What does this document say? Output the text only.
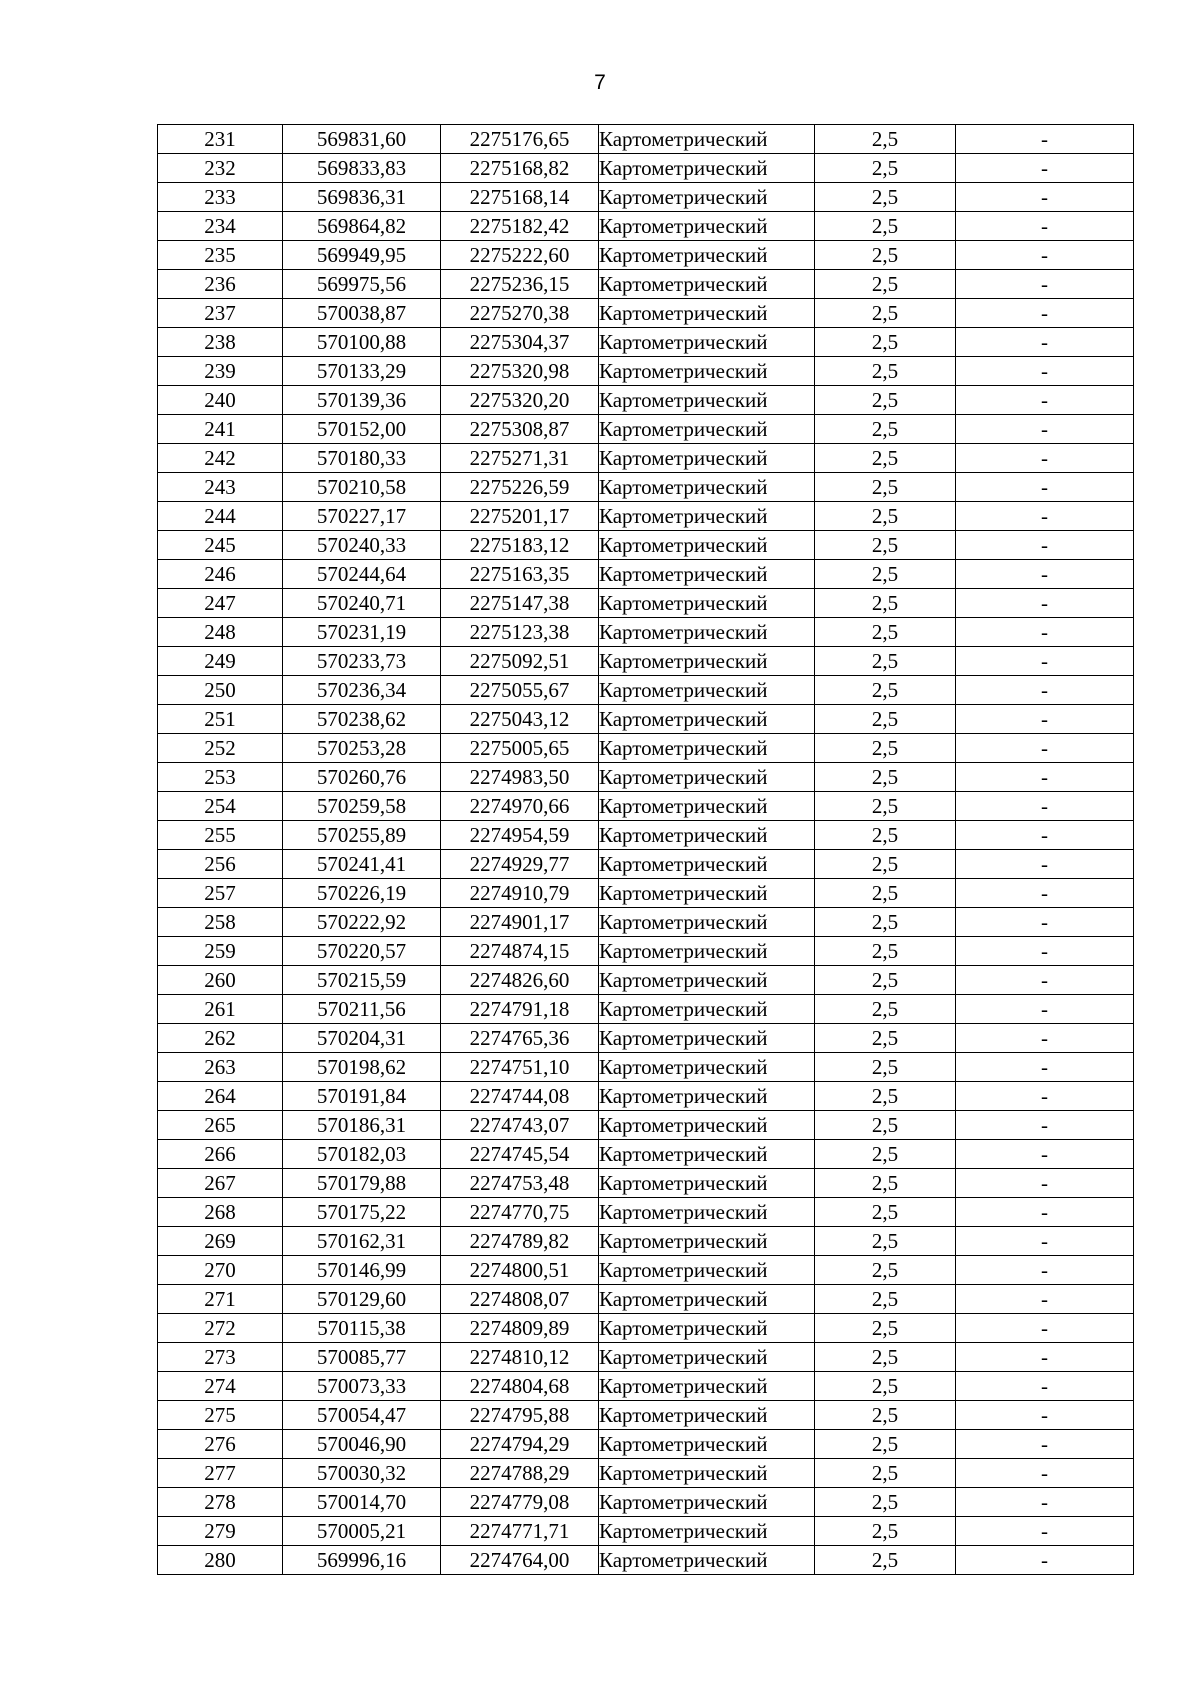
7
231	569831,60	2275176,65	Картометрический	2,5	-
232	569833,83	2275168,82	Картометрический	2,5	-
233	569836,31	2275168,14	Картометрический	2,5	-
234	569864,82	2275182,42	Картометрический	2,5	-
235	569949,95	2275222,60	Картометрический	2,5	-
236	569975,56	2275236,15	Картометрический	2,5	-
237	570038,87	2275270,38	Картометрический	2,5	-
238	570100,88	2275304,37	Картометрический	2,5	-
239	570133,29	2275320,98	Картометрический	2,5	-
240	570139,36	2275320,20	Картометрический	2,5	-
241	570152,00	2275308,87	Картометрический	2,5	-
242	570180,33	2275271,31	Картометрический	2,5	-
243	570210,58	2275226,59	Картометрический	2,5	-
244	570227,17	2275201,17	Картометрический	2,5	-
245	570240,33	2275183,12	Картометрический	2,5	-
246	570244,64	2275163,35	Картометрический	2,5	-
247	570240,71	2275147,38	Картометрический	2,5	-
248	570231,19	2275123,38	Картометрический	2,5	-
249	570233,73	2275092,51	Картометрический	2,5	-
250	570236,34	2275055,67	Картометрический	2,5	-
251	570238,62	2275043,12	Картометрический	2,5	-
252	570253,28	2275005,65	Картометрический	2,5	-
253	570260,76	2274983,50	Картометрический	2,5	-
254	570259,58	2274970,66	Картометрический	2,5	-
255	570255,89	2274954,59	Картометрический	2,5	-
256	570241,41	2274929,77	Картометрический	2,5	-
257	570226,19	2274910,79	Картометрический	2,5	-
258	570222,92	2274901,17	Картометрический	2,5	-
259	570220,57	2274874,15	Картометрический	2,5	-
260	570215,59	2274826,60	Картометрический	2,5	-
261	570211,56	2274791,18	Картометрический	2,5	-
262	570204,31	2274765,36	Картометрический	2,5	-
263	570198,62	2274751,10	Картометрический	2,5	-
264	570191,84	2274744,08	Картометрический	2,5	-
265	570186,31	2274743,07	Картометрический	2,5	-
266	570182,03	2274745,54	Картометрический	2,5	-
267	570179,88	2274753,48	Картометрический	2,5	-
268	570175,22	2274770,75	Картометрический	2,5	-
269	570162,31	2274789,82	Картометрический	2,5	-
270	570146,99	2274800,51	Картометрический	2,5	-
271	570129,60	2274808,07	Картометрический	2,5	-
272	570115,38	2274809,89	Картометрический	2,5	-
273	570085,77	2274810,12	Картометрический	2,5	-
274	570073,33	2274804,68	Картометрический	2,5	-
275	570054,47	2274795,88	Картометрический	2,5	-
276	570046,90	2274794,29	Картометрический	2,5	-
277	570030,32	2274788,29	Картометрический	2,5	-
278	570014,70	2274779,08	Картометрический	2,5	-
279	570005,21	2274771,71	Картометрический	2,5	-
280	569996,16	2274764,00	Картометрический	2,5	-
